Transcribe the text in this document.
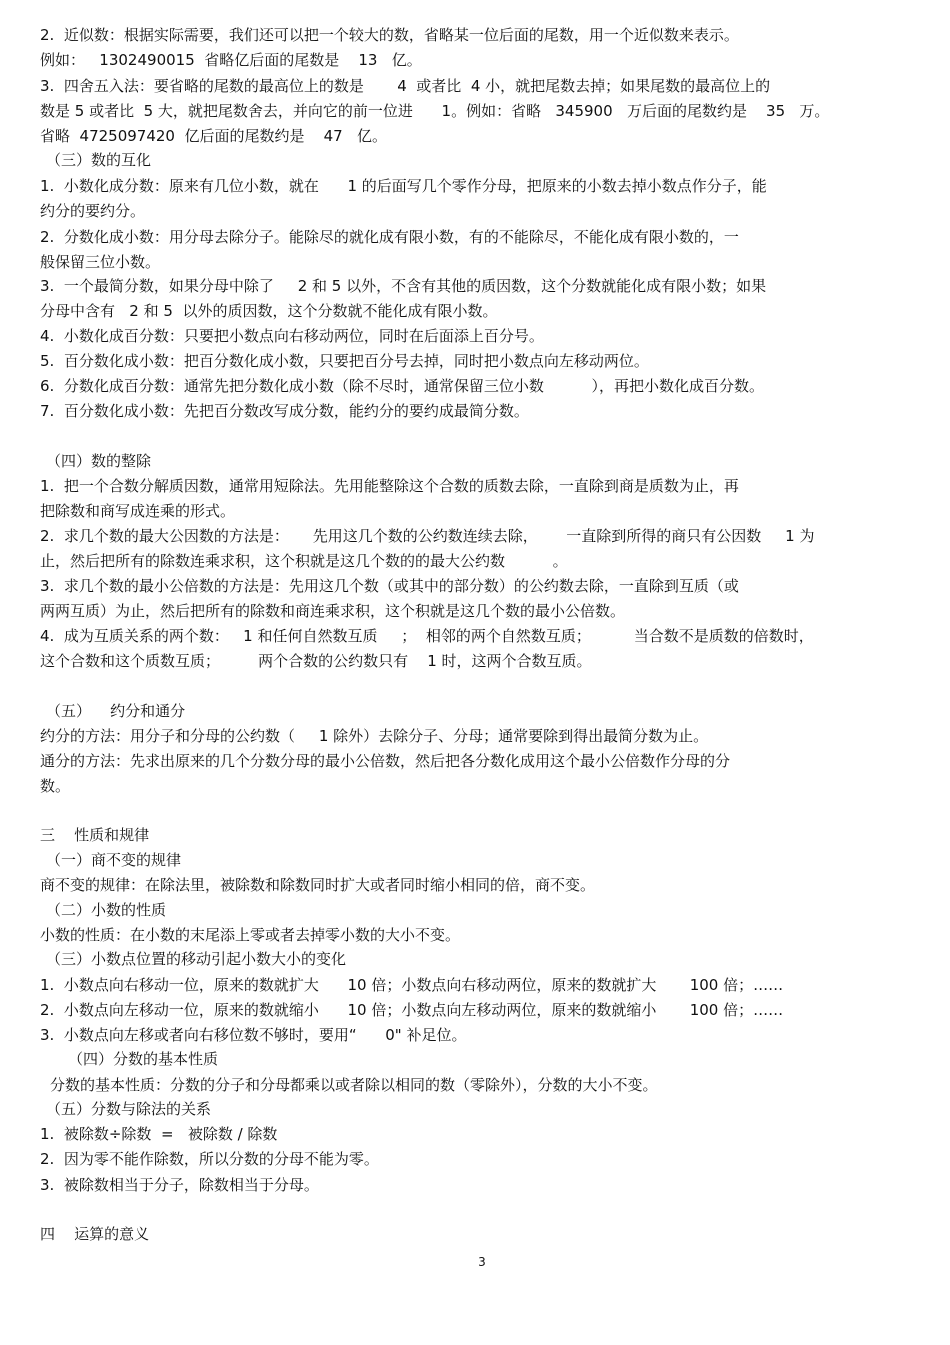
2.  近似数：根据实际需要，我们还可以把一个较大的数，省略某一位后面的尾数，用一个近似数来表示。
例如：   1302490015  省略亿后面的尾数是    13   亿。
3.  四舍五入法：要省略的尾数的最高位上的数是       4  或者比  4 小，就把尾数去掉；如果尾数的最高位上的
数是 5 或者比  5 大，就把尾数舍去，并向它的前一位进      1。例如：省略   345900   万后面的尾数约是    35   万。
省略  4725097420  亿后面的尾数约是    47   亿。
（三）数的互化
1.  小数化成分数：原来有几位小数，就在      1 的后面写几个零作分母，把原来的小数去掉小数点作分子，能
约分的要约分。
2.  分数化成小数：用分母去除分子。能除尽的就化成有限小数，有的不能除尽，不能化成有限小数的，一
般保留三位小数。
3.  一个最简分数，如果分母中除了     2 和 5 以外，不含有其他的质因数，这个分数就能化成有限小数；如果
分母中含有   2 和 5  以外的质因数，这个分数就不能化成有限小数。
4.  小数化成百分数：只要把小数点向右移动两位，同时在后面添上百分号。
5.  百分数化成小数：把百分数化成小数，只要把百分号去掉，同时把小数点向左移动两位。
6.  分数化成百分数：通常先把分数化成小数（除不尽时，通常保留三位小数          ），再把小数化成百分数。
7.  百分数化成小数：先把百分数改写成分数，能约分的要约成最简分数。
（四）数的整除
1.  把一个合数分解质因数，通常用短除法。先用能整除这个合数的质数去除，一直除到商是质数为止，再
把除数和商写成连乘的形式。
2.  求几个数的最大公因数的方法是：     先用这几个数的公约数连续去除，      一直除到所得的商只有公因数     1 为
止，然后把所有的除数连乘求积，这个积就是这几个数的的最大公约数          。
3.  求几个数的最小公倍数的方法是：先用这几个数（或其中的部分数）的公约数去除，一直除到互质（或
两两互质）为止，然后把所有的除数和商连乘求积，这个积就是这几个数的最小公倍数。
4.  成为互质关系的两个数：   1 和任何自然数互质     ；  相邻的两个自然数互质；         当合数不是质数的倍数时，
这个合数和这个质数互质；        两个合数的公约数只有    1 时，这两个合数互质。
（五）    约分和通分
约分的方法：用分子和分母的公约数（     1 除外）去除分子、分母；通常要除到得出最简分数为止。
通分的方法：先求出原来的几个分数分母的最小公倍数，然后把各分数化成用这个最小公倍数作分母的分
数。
三    性质和规律
（一）商不变的规律
商不变的规律：在除法里，被除数和除数同时扩大或者同时缩小相同的倍，商不变。
（二）小数的性质
小数的性质：在小数的末尾添上零或者去掉零小数的大小不变。
（三）小数点位置的移动引起小数大小的变化
1.  小数点向右移动一位，原来的数就扩大      10 倍；小数点向右移动两位，原来的数就扩大       100 倍；……
2.  小数点向左移动一位，原来的数就缩小      10 倍；小数点向左移动两位，原来的数就缩小       100 倍；……
3.  小数点向左移或者向右移位数不够时，要用“      0" 补足位。
（四）分数的基本性质
分数的基本性质：分数的分子和分母都乘以或者除以相同的数（零除外），分数的大小不变。
（五）分数与除法的关系
1.  被除数÷除数  =   被除数 / 除数
2.  因为零不能作除数，所以分数的分母不能为零。
3.  被除数相当于分子，除数相当于分母。
四    运算的意义
3
